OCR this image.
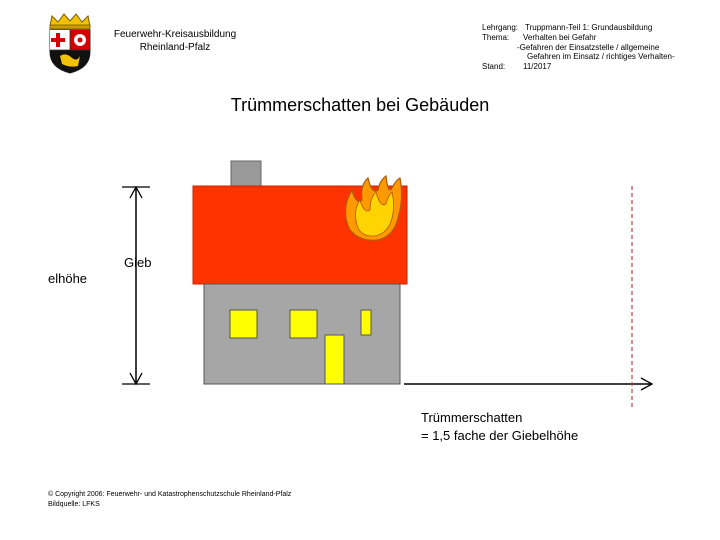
Feuerwehr-Kreisausbildung
Rheinland-Pfalz
Lehrgang: Truppmann-Teil 1: Grundausbildung
Thema: Verhalten bei Gefahr
-Gefahren der Einsatzstelle / allgemeine
Gefahren im Einsatz / richtiges Verhalten-
Stand: 11/2017
Trümmerschatten bei Gebäuden
Gieb
elhöhe
Trümmerschatten
= 1,5 fache der Giebelhöhe
© Copyright 2006: Feuerwehr- und Katastrophenschutzschule Rheinland-Pfalz
Bildquelle: LFKS
